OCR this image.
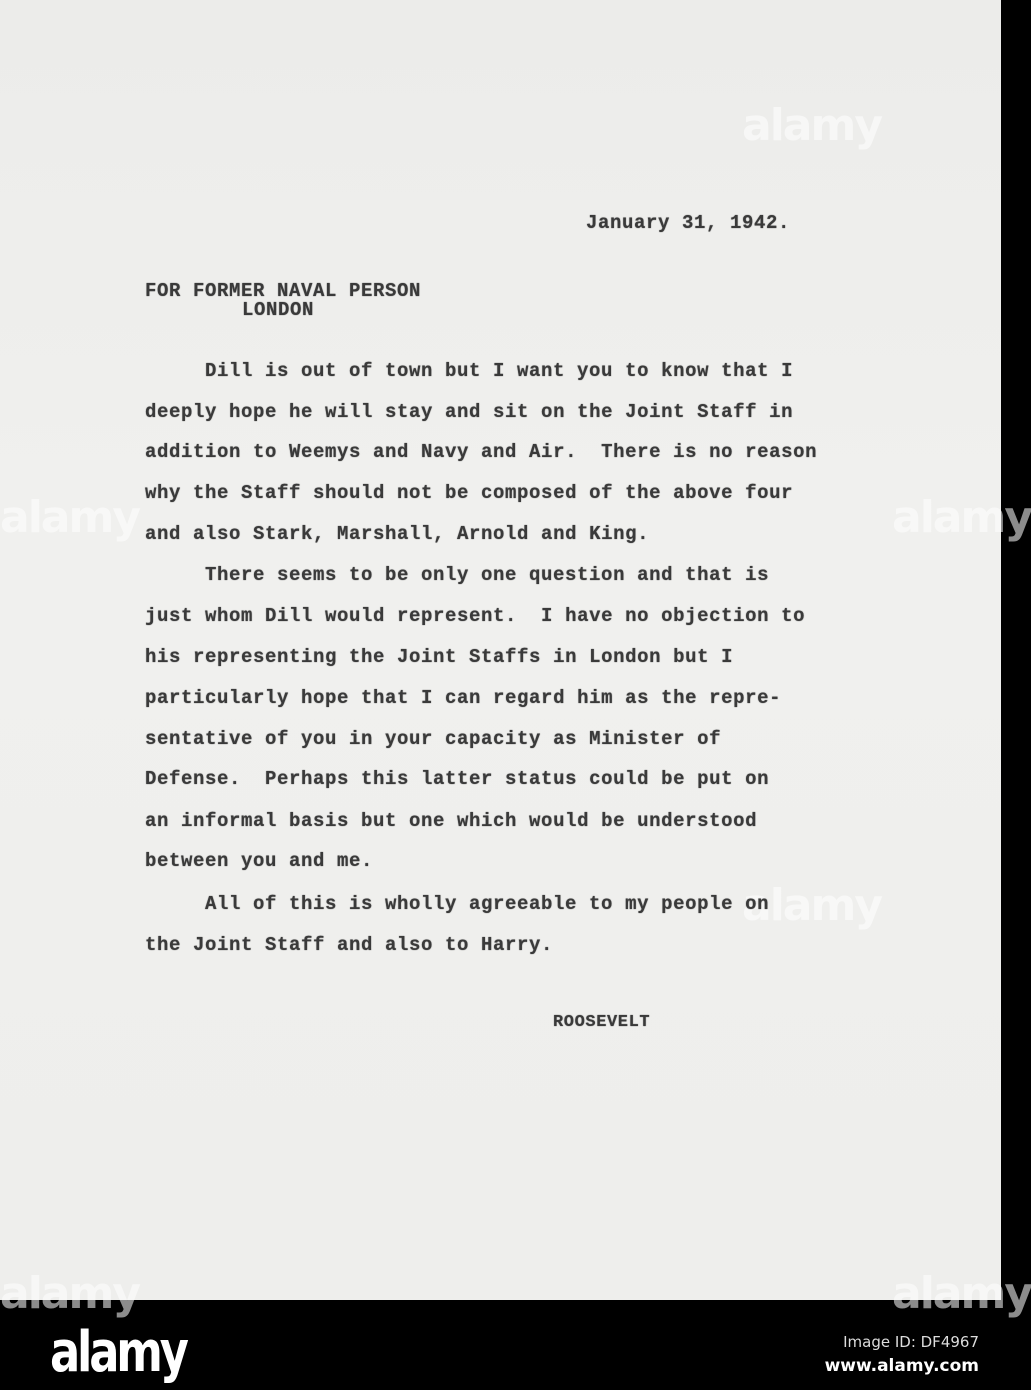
alamy
alamy	alamy
alamy
alamy	alamy
January 31, 1942.
FOR FORMER NAVAL PERSON
LONDON
Dill is out of town but I want you to know that I
deeply hope he will stay and sit on the Joint Staff in
addition to Weemys and Navy and Air.  There is no reason
why the Staff should not be composed of the above four
and also Stark, Marshall, Arnold and King.
There seems to be only one question and that is
just whom Dill would represent.  I have no objection to
his representing the Joint Staffs in London but I
particularly hope that I can regard him as the repre-
sentative of you in your capacity as Minister of
Defense.  Perhaps this latter status could be put on
an informal basis but one which would be understood
between you and me.
All of this is wholly agreeable to my people on
the Joint Staff and also to Harry.
ROOSEVELT
alamy	Image ID: DF4967
www.alamy.com
